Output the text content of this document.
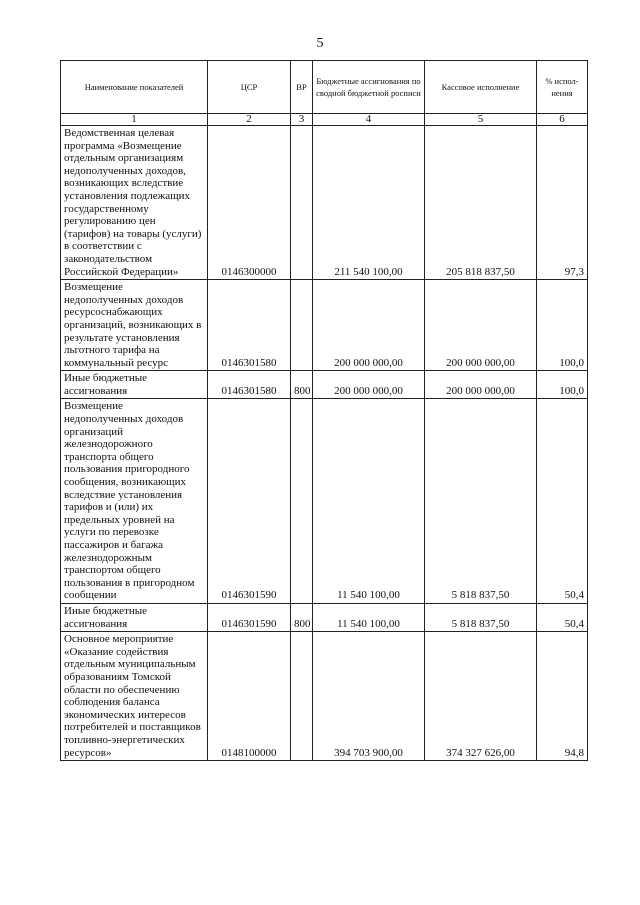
5
Наименование показателей	ЦСР	ВР	Бюджетные ассигнования по сводной бюджетной росписи	Кассовое исполнение	% испол-нения
1	2	3	4	5	6
Ведомственная целевая программа «Возмещение отдельным организациям недополученных доходов, возникающих вследствие установления подлежащих государственному регулированию цен (тарифов) на товары (услуги) в соответствии с законодательством Российской Федерации»	0146300000		211 540 100,00	205 818 837,50	97,3
Возмещение недополученных доходов ресурсоснабжающих организаций, возникающих в результате установления льготного тарифа на коммунальный ресурс	0146301580		200 000 000,00	200 000 000,00	100,0
Иные бюджетные ассигнования	0146301580	800	200 000 000,00	200 000 000,00	100,0
Возмещение недополученных доходов организаций железнодорожного транспорта общего пользования пригородного сообщения, возникающих вследствие установления тарифов и (или) их предельных уровней на услуги по перевозке пассажиров и багажа железнодорожным транспортом общего пользования в пригородном сообщении	0146301590		11 540 100,00	5 818 837,50	50,4
Иные бюджетные ассигнования	0146301590	800	11 540 100,00	5 818 837,50	50,4
Основное мероприятие «Оказание содействия отдельным муниципальным образованиям Томской области по обеспечению соблюдения баланса экономических интересов потребителей и поставщиков топливно-энергетических ресурсов»	0148100000		394 703 900,00	374 327 626,00	94,8
